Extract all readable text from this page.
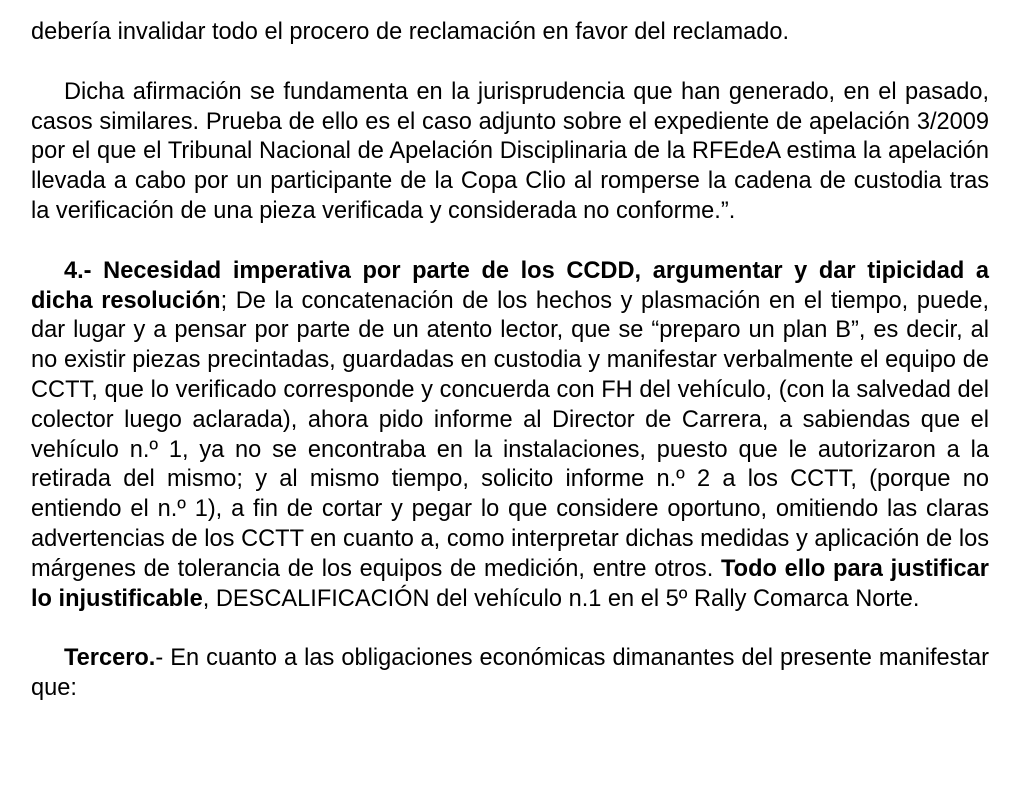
debería invalidar todo el procero de reclamación en favor del reclamado.

Dicha afirmación se fundamenta en la jurisprudencia que han generado, en el pasado, casos similares. Prueba de ello es el caso adjunto sobre el expediente de apelación 3/2009 por el que el Tribunal Nacional de Apelación Disciplinaria de la RFEdeA estima la apelación llevada a cabo por un participante de la Copa Clio al romperse la cadena de custodia tras la verificación de una pieza verificada y considerada no conforme.”.

4.- Necesidad imperativa por parte de los CCDD, argumentar y dar tipicidad a dicha resolución; De la concatenación de los hechos y plasmación en el tiempo, puede, dar lugar y a pensar por parte de un atento lector, que se “preparo un plan B”, es decir, al no existir piezas precintadas, guardadas en custodia y manifestar verbalmente el equipo de CCTT, que lo verificado corresponde y concuerda con FH del vehículo, (con la salvedad del colector luego aclarada), ahora pido informe al Director de Carrera, a sabiendas que el vehículo n.º 1, ya no se encontraba en la instalaciones, puesto que le autorizaron a la retirada del mismo; y al mismo tiempo, solicito informe n.º 2 a los CCTT, (porque no entiendo el n.º 1), a fin de cortar y pegar lo que considere oportuno, omitiendo las claras advertencias de los CCTT en cuanto a, como interpretar dichas medidas y aplicación de los márgenes de tolerancia de los equipos de medición, entre otros. Todo ello para justificar lo injustificable, DESCALIFICACIÓN del vehículo n.1 en el 5º Rally Comarca Norte.

Tercero.- En cuanto a las obligaciones económicas dimanantes del presente manifestar que:
